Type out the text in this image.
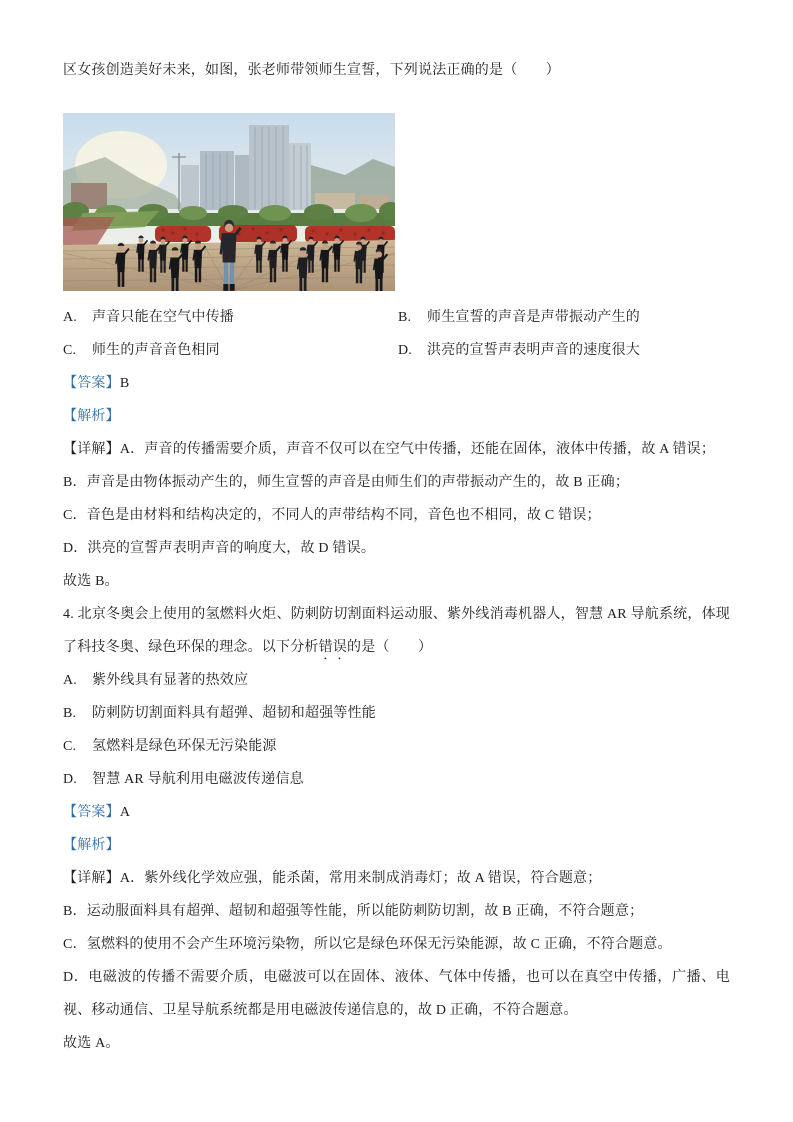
区女孩创造美好未来，如图，张老师带领师生宣誓，下列说法正确的是（　　）

A. 声音只能在空气中传播	B. 师生宣誓的声音是声带振动产生的

C. 师生的声音音色相同	D. 洪亮的宣誓声表明声音的速度很大

【答案】B

【解析】

【详解】A．声音的传播需要介质，声音不仅可以在空气中传播，还能在固体，液体中传播，故 A 错误；

B．声音是由物体振动产生的，师生宣誓的声音是由师生们的声带振动产生的，故 B 正确；

C．音色是由材料和结构决定的，不同人的声带结构不同，音色也不相同，故 C 错误；

D．洪亮的宣誓声表明声音的响度大，故 D 错误。

故选 B。

4. 北京冬奥会上使用的氢燃料火炬、防刺防切割面料运动服、紫外线消毒机器人，智慧 AR 导航系统，体现了科技冬奥、绿色环保的理念。以下分析错误的是（　　）

A. 紫外线具有显著的热效应

B. 防刺防切割面料具有超弹、超韧和超强等性能

C. 氢燃料是绿色环保无污染能源

D. 智慧 AR 导航利用电磁波传递信息

【答案】A

【解析】

【详解】A．紫外线化学效应强，能杀菌，常用来制成消毒灯；故 A 错误，符合题意；

B．运动服面料具有超弹、超韧和超强等性能，所以能防刺防切割，故 B 正确，不符合题意；

C．氢燃料的使用不会产生环境污染物，所以它是绿色环保无污染能源，故 C 正确，不符合题意。

D．电磁波的传播不需要介质，电磁波可以在固体、液体、气体中传播，也可以在真空中传播，广播、电视、移动通信、卫星导航系统都是用电磁波传递信息的，故 D 正确，不符合题意。

故选 A。
